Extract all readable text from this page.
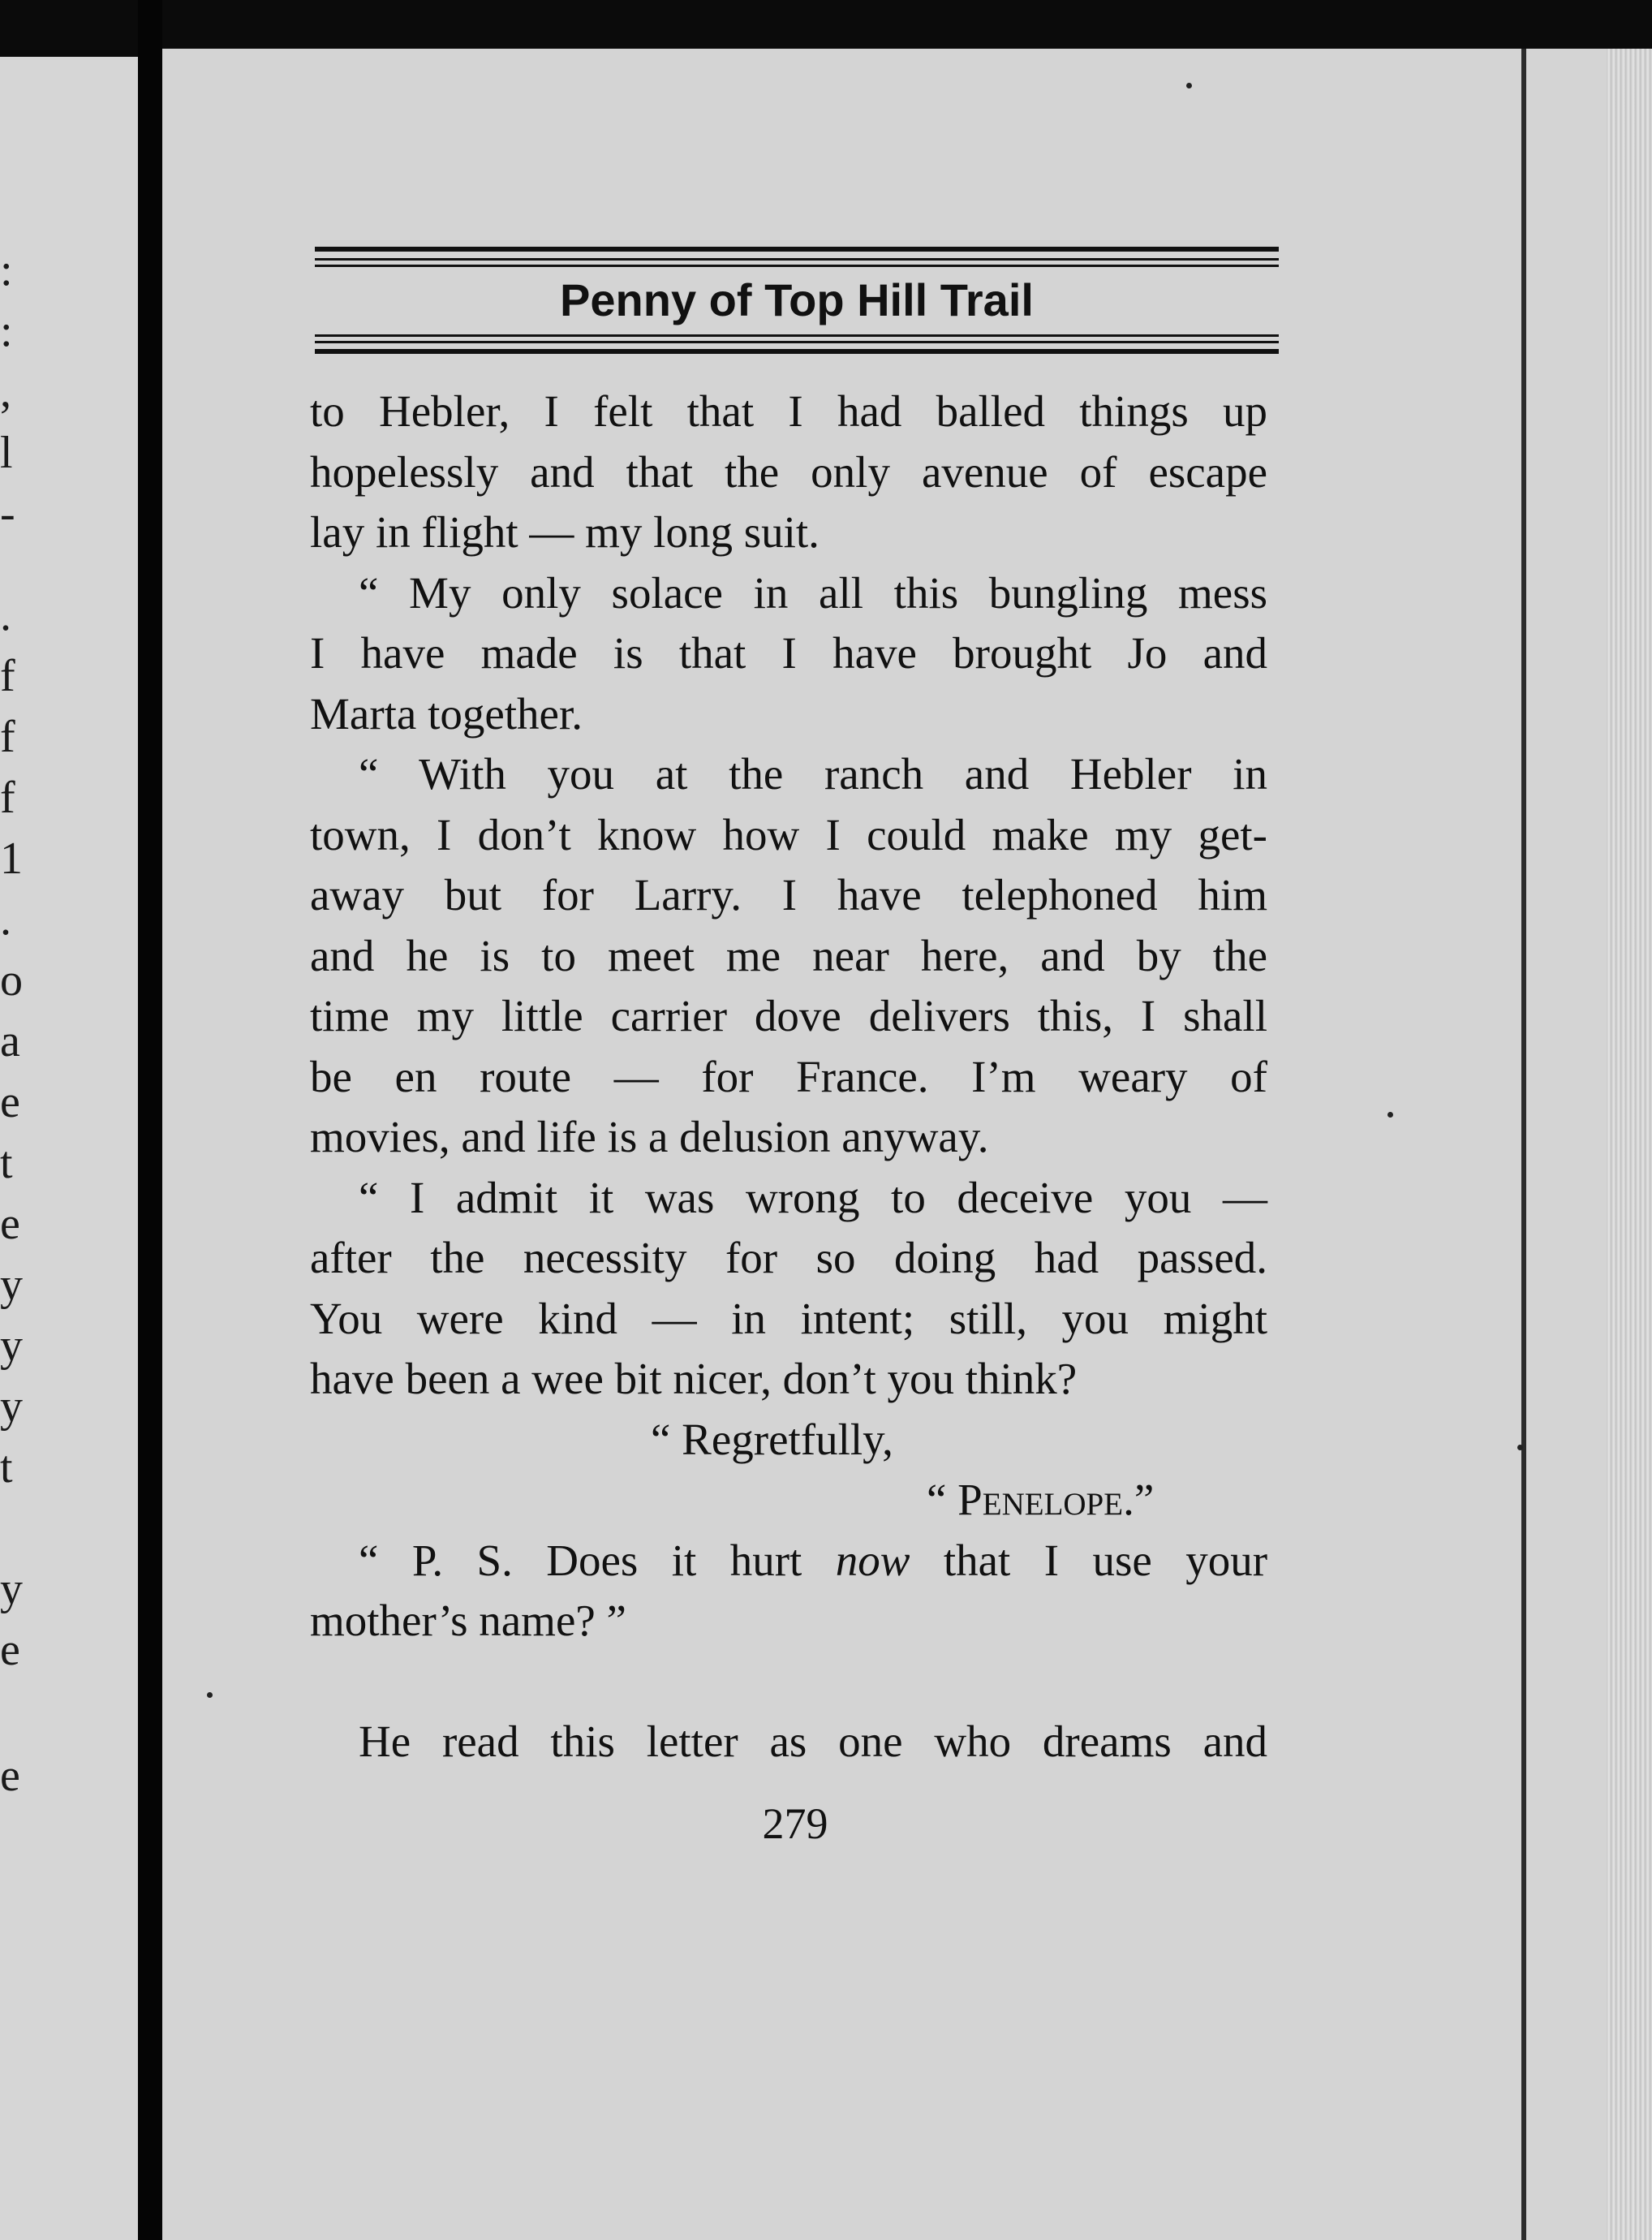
:
:
,
l
-
.
f
f
f
1
.
o
a
e
t
e
y
y
y
t
y
e
e
Penny of Top Hill Trail
to Hebler, I felt that I had balled things up
hopelessly and that the only avenue of escape
lay in flight — my long suit.
“ My only solace in all this bungling mess
I have made is that I have brought Jo and
Marta together.
“ With you at the ranch and Hebler in
town, I don’t know how I could make my get-
away but for Larry. I have telephoned him
and he is to meet me near here, and by the
time my little carrier dove delivers this, I shall
be en route — for France. I’m weary of
movies, and life is a delusion anyway.
“ I admit it was wrong to deceive you —
after the necessity for so doing had passed.
You were kind — in intent; still, you might
have been a wee bit nicer, don’t you think?
“ Regretfully,
“ Penelope.”
“ P. S. Does it hurt now that I use your
mother’s name? ”
He read this letter as one who dreams and
279
